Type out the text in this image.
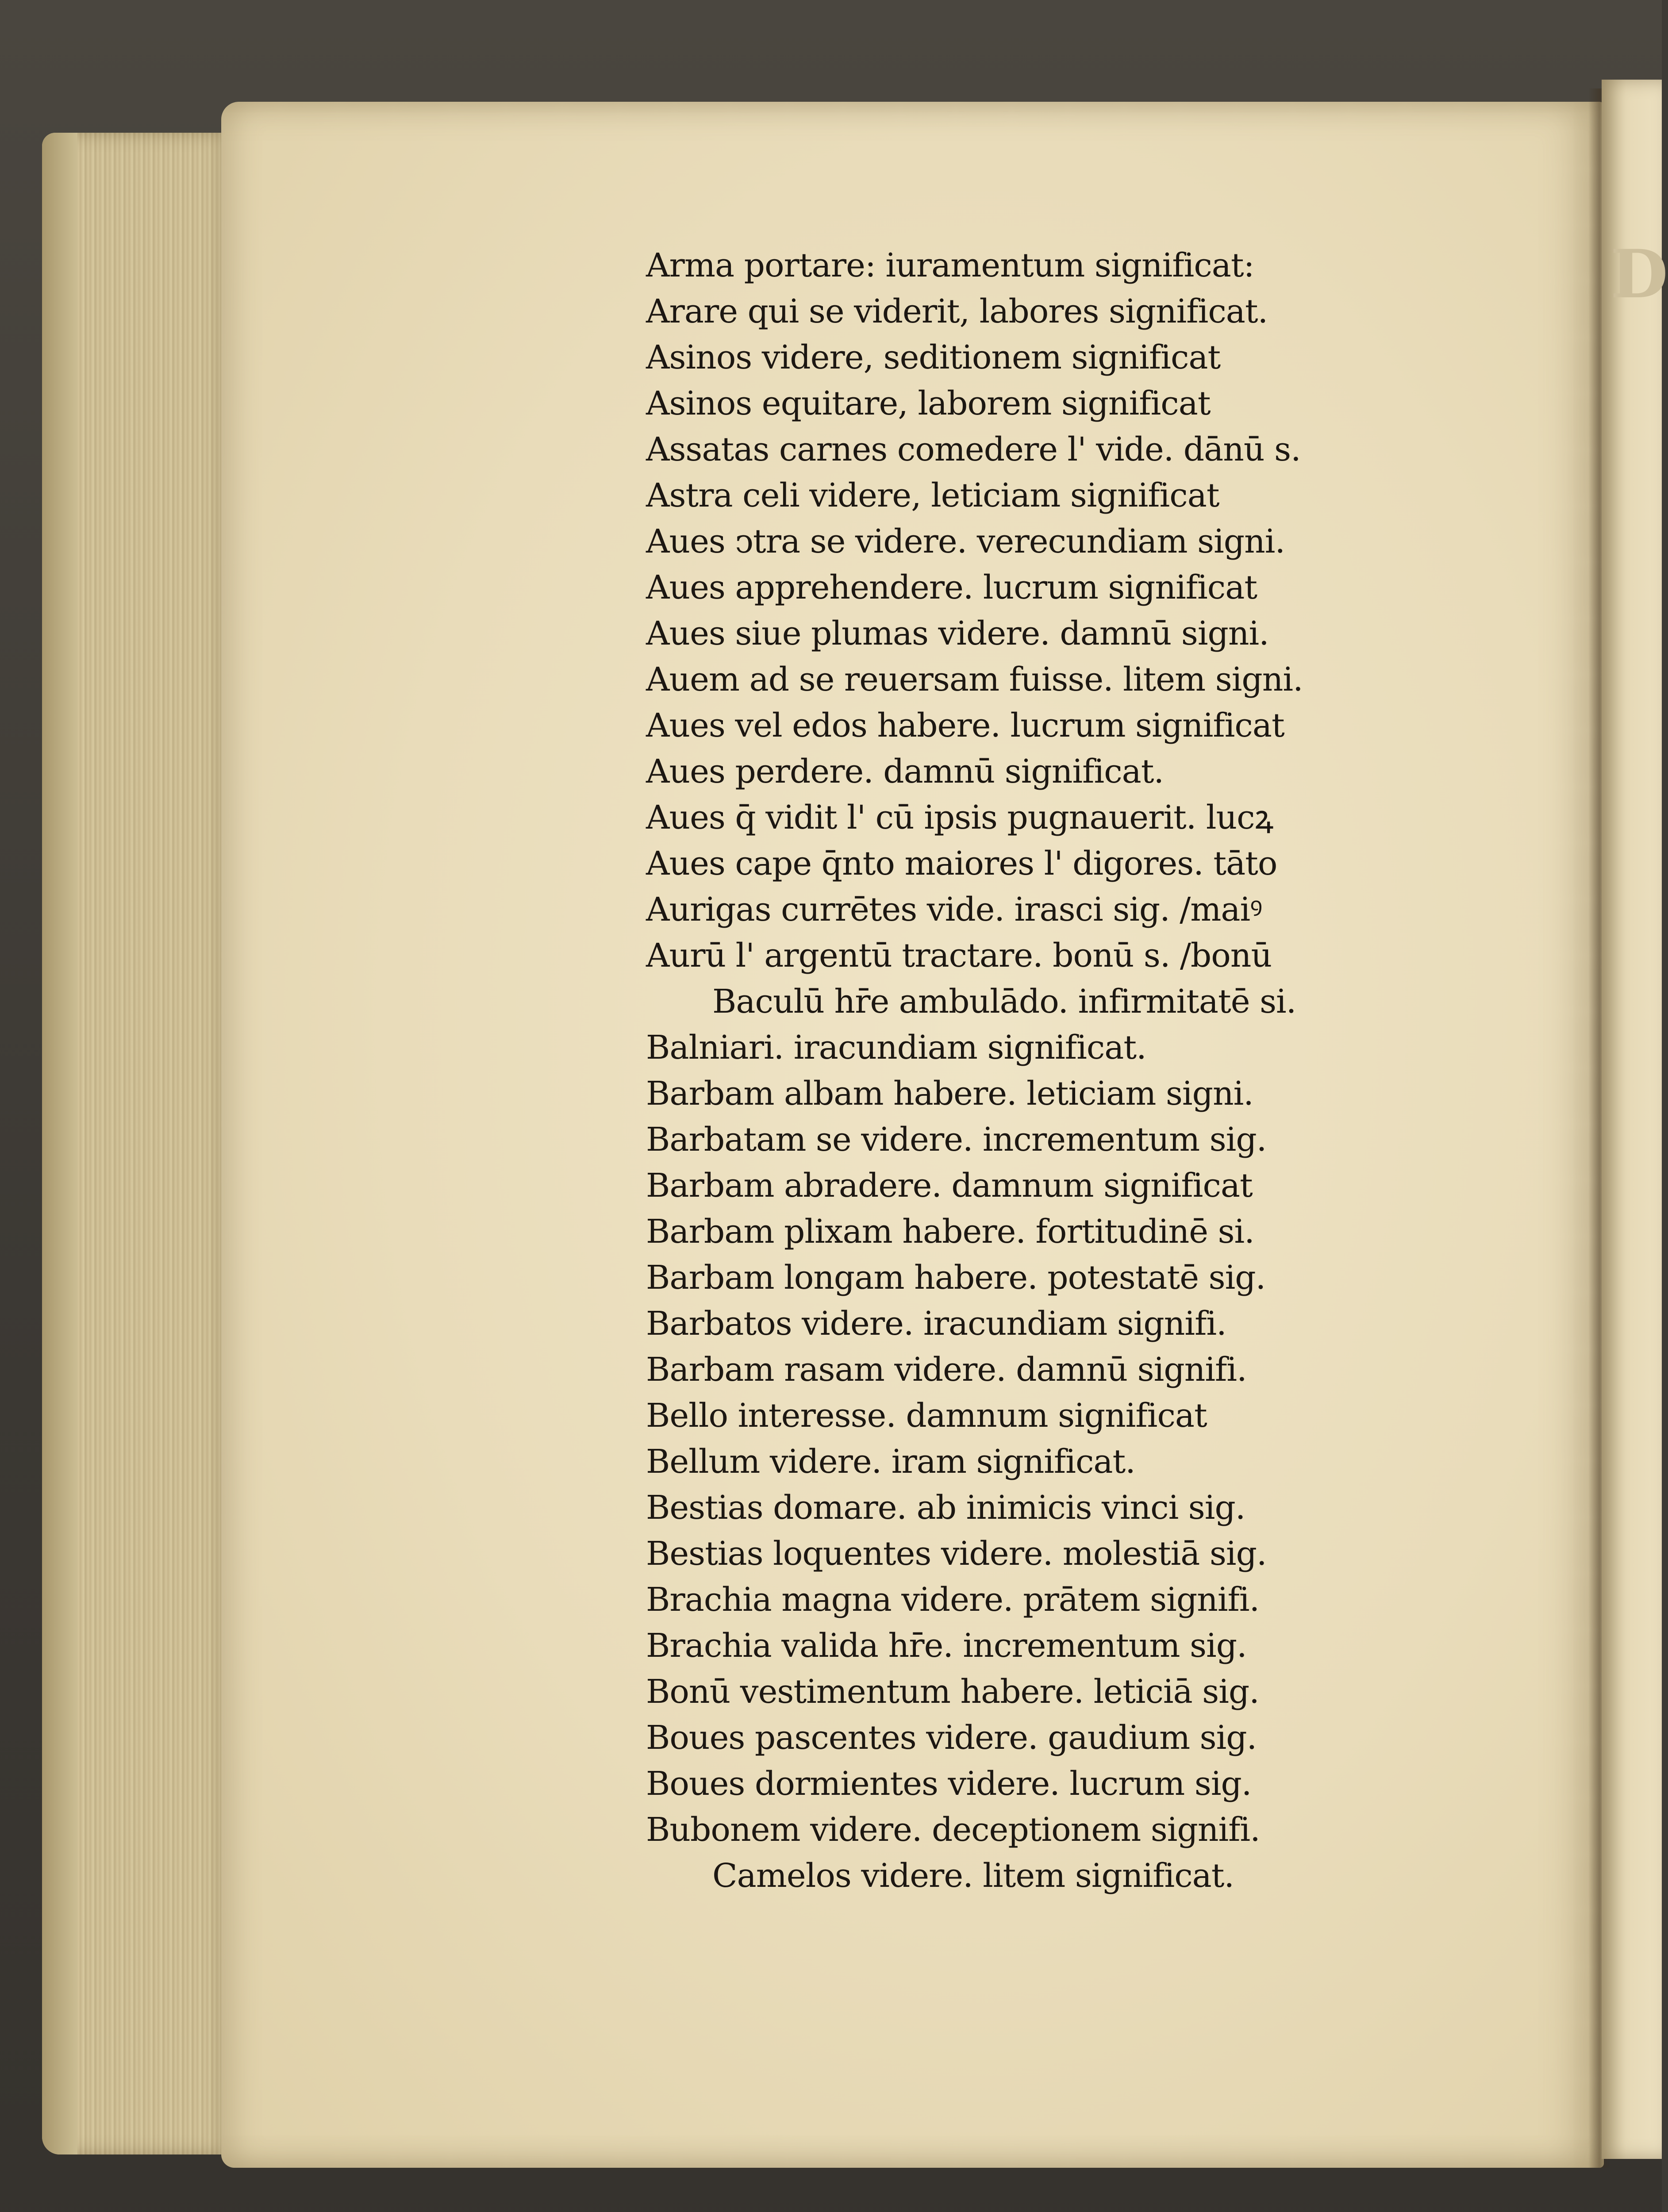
D
Arma portare: iuramentum significat:
Arare qui se viderit, labores significat.
Asinos videre, seditionem significat
Asinos equitare, laborem significat
Assatas carnes comedere l' vide. dānū s.
Astra celi videre, leticiam significat
Aues ↄtra se videre. verecundiam signi.
Aues apprehendere. lucrum significat
Aues siue plumas videre. damnū signi.
Auem ad se reuersam fuisse. litem signi.
Aues vel edos habere. lucrum significat
Aues perdere. damnū significat.
Aues q̄ vidit l' cū ipsis pugnauerit. lucꝝ
Aues cape q̄nto maiores l' digores. tāto
Aurigas currētes vide. irasci sig. /maiꝰ
Aurū l' argentū tractare. bonū s. /bonū
Baculū hr̄e ambulādo. infirmitatē si.
Balniari. iracundiam significat.
Barbam albam habere. leticiam signi.
Barbatam se videre. incrementum sig.
Barbam abradere. damnum significat
Barbam plixam habere. fortitudinē si.
Barbam longam habere. potestatē sig.
Barbatos videre. iracundiam signifi.
Barbam rasam videre. damnū signifi.
Bello interesse. damnum significat
Bellum videre. iram significat.
Bestias domare. ab inimicis vinci sig.
Bestias loquentes videre. molestiā sig.
Brachia magna videre. prātem signifi.
Brachia valida hr̄e. incrementum sig.
Bonū vestimentum habere. leticiā sig.
Boues pascentes videre. gaudium sig.
Boues dormientes videre. lucrum sig.
Bubonem videre. deceptionem signifi.
Camelos videre. litem significat.
